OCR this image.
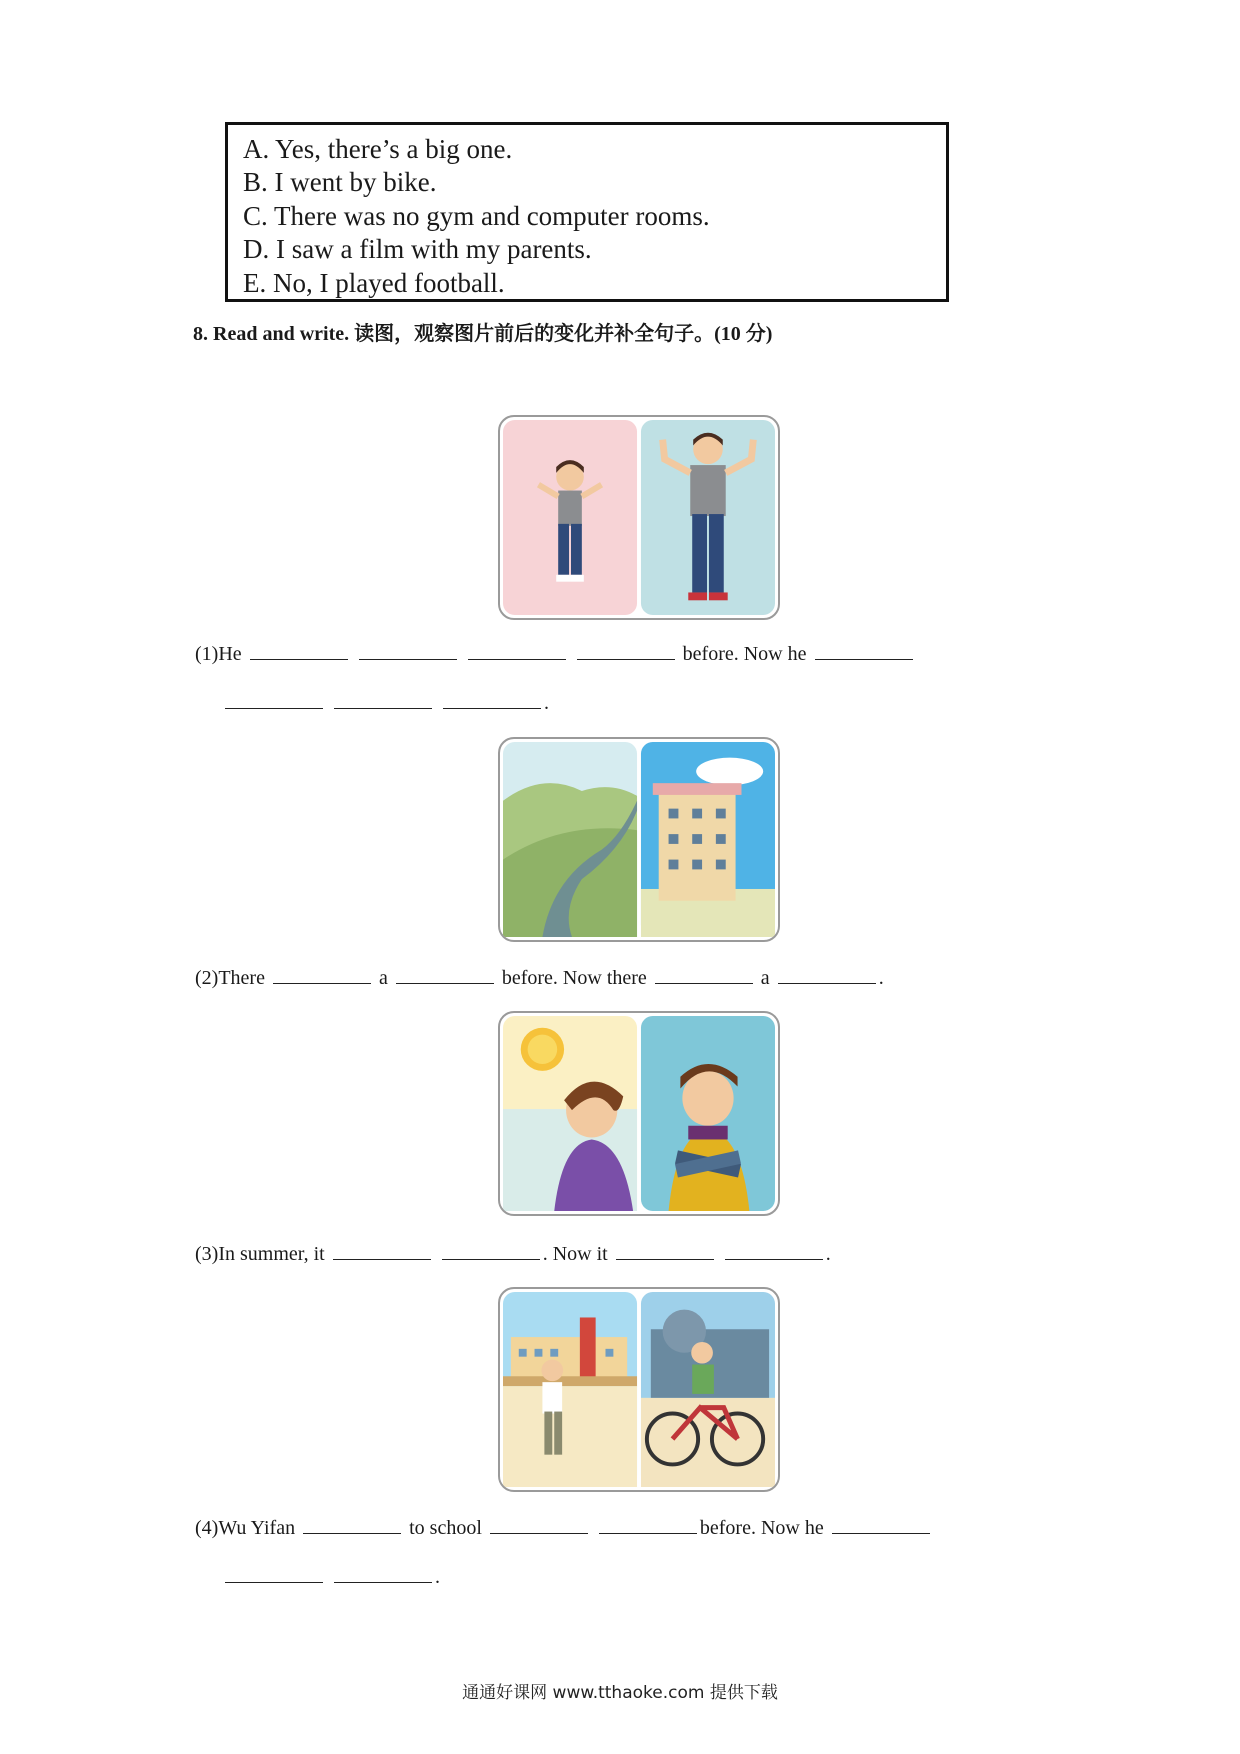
A. Yes, there’s a big one.
B. I went by bike.
C. There was no gym and computer rooms.
D. I saw a film with my parents.
E. No, I played football.
8. Read and write. 读图，观察图片前后的变化并补全句子。(10 分)
(1)He	before. Now he
.
(2)There	a	before. Now there	a	.
(3)In summer, it	. Now it	.
(4)Wu Yifan	to school	before. Now he
.
通通好课网 www.tthaoke.com 提供下载
